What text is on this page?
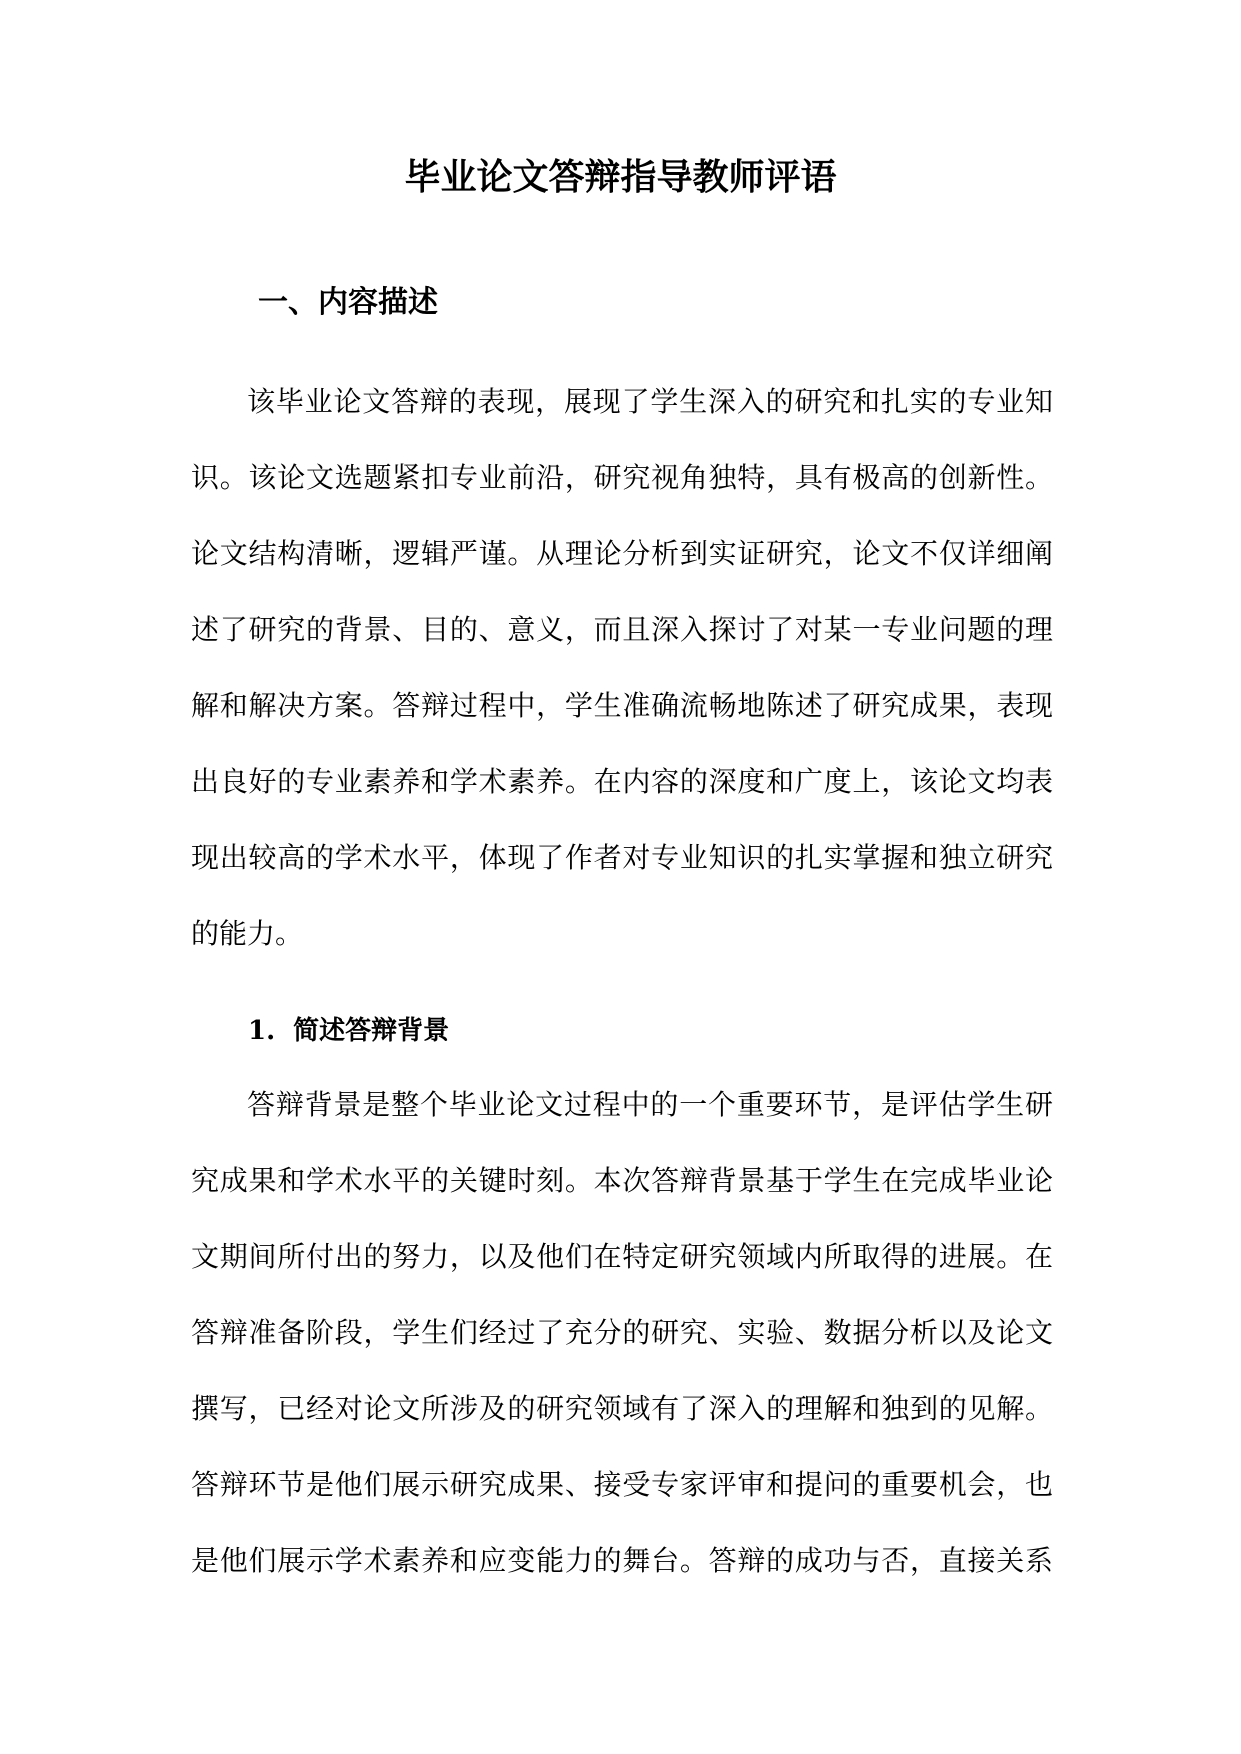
毕业论文答辩指导教师评语
一、内容描述
该毕业论文答辩的表现，展现了学生深入的研究和扎实的专业知
识。该论文选题紧扣专业前沿，研究视角独特，具有极高的创新性。
论文结构清晰，逻辑严谨。从理论分析到实证研究，论文不仅详细阐
述了研究的背景、目的、意义，而且深入探讨了对某一专业问题的理
解和解决方案。答辩过程中，学生准确流畅地陈述了研究成果，表现
出良好的专业素养和学术素养。在内容的深度和广度上，该论文均表
现出较高的学术水平，体现了作者对专业知识的扎实掌握和独立研究
的能力。
1. 简述答辩背景
答辩背景是整个毕业论文过程中的一个重要环节，是评估学生研
究成果和学术水平的关键时刻。本次答辩背景基于学生在完成毕业论
文期间所付出的努力，以及他们在特定研究领域内所取得的进展。在
答辩准备阶段，学生们经过了充分的研究、实验、数据分析以及论文
撰写，已经对论文所涉及的研究领域有了深入的理解和独到的见解。
答辩环节是他们展示研究成果、接受专家评审和提问的重要机会，也
是他们展示学术素养和应变能力的舞台。答辩的成功与否，直接关系
